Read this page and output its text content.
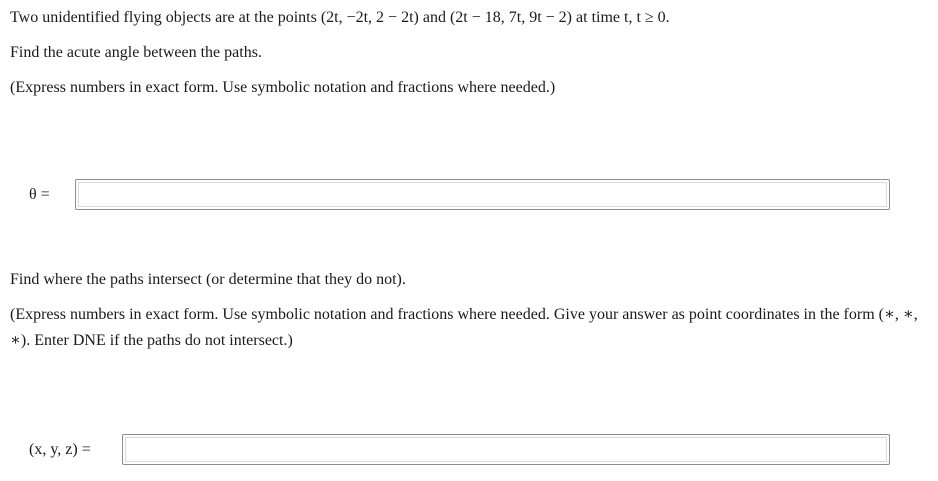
Two unidentified flying objects are at the points (2t, −2t, 2 − 2t) and (2t − 18, 7t, 9t − 2) at time t, t ≥ 0.
Find the acute angle between the paths.
(Express numbers in exact form. Use symbolic notation and fractions where needed.)
θ =
Find where the paths intersect (or determine that they do not).
(Express numbers in exact form. Use symbolic notation and fractions where needed. Give your answer as point coordinates in the form (∗, ∗, ∗). Enter DNE if the paths do not intersect.)
(x, y, z) =
